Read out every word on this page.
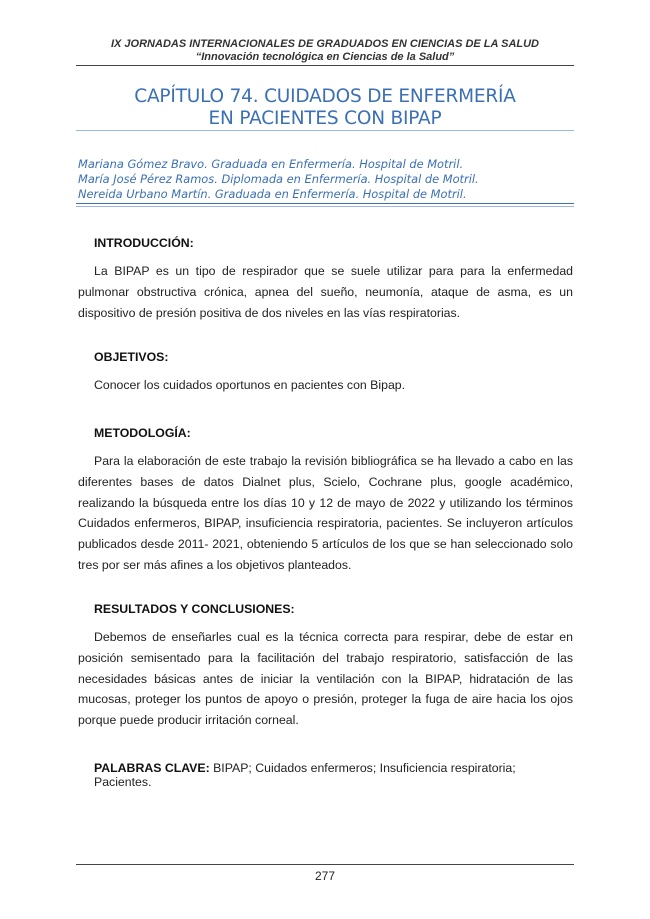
IX JORNADAS INTERNACIONALES DE GRADUADOS EN CIENCIAS DE LA SALUD
“Innovación tecnológica en Ciencias de la Salud”
CAPÍTULO 74. CUIDADOS DE ENFERMERÍA
EN PACIENTES CON BIPAP
Mariana Gómez Bravo. Graduada en Enfermería. Hospital de Motril.
María José Pérez Ramos. Diplomada en Enfermería. Hospital de Motril.
Nereida Urbano Martín. Graduada en Enfermería. Hospital de Motril.

INTRODUCCIÓN:

La BIPAP es un tipo de respirador que se suele utilizar para para la enfermedad pulmonar obstructiva crónica, apnea del sueño, neumonía, ataque de asma, es un dispositivo de presión positiva de dos niveles en las vías respiratorias.

OBJETIVOS:

Conocer los cuidados oportunos en pacientes con Bipap.

METODOLOGÍA:

Para la elaboración de este trabajo la revisión bibliográfica se ha llevado a cabo en las diferentes bases de datos Dialnet plus, Scielo, Cochrane plus, google académico, realizando la búsqueda entre los días 10 y 12 de mayo de 2022 y utilizando los términos Cuidados enfermeros, BIPAP, insuficiencia respiratoria, pacientes. Se incluyeron artículos publicados desde 2011- 2021, obteniendo 5 artículos de los que se han seleccionado solo tres por ser más afines a los objetivos planteados.

RESULTADOS Y CONCLUSIONES:

Debemos de enseñarles cual es la técnica correcta para respirar, debe de estar en posición semisentado para la facilitación del trabajo respiratorio, satisfacción de las necesidades básicas antes de iniciar la ventilación con la BIPAP, hidratación de las mucosas, proteger los puntos de apoyo o presión, proteger la fuga de aire hacia los ojos porque puede producir irritación corneal.

PALABRAS CLAVE: BIPAP; Cuidados enfermeros; Insuficiencia respiratoria; Pacientes.
277
